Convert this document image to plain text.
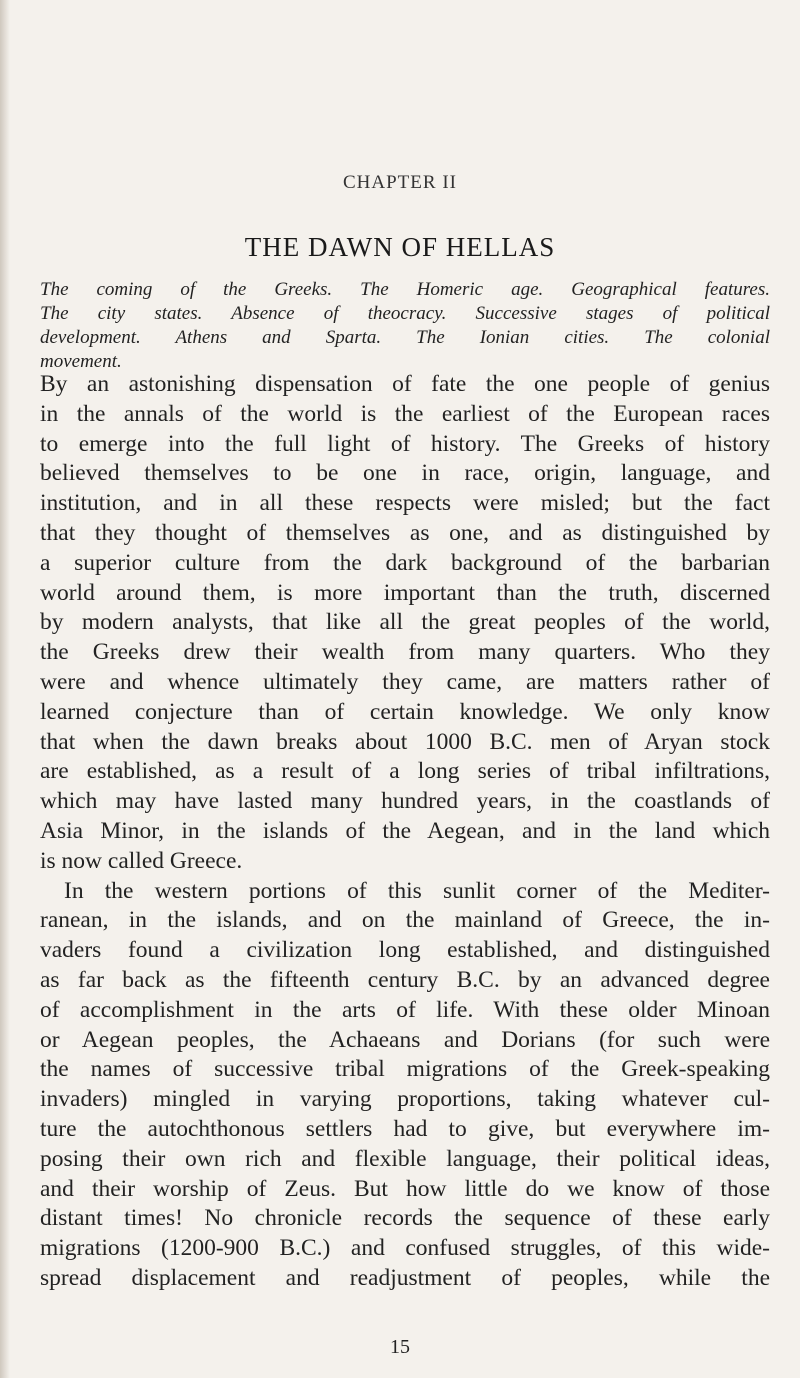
CHAPTER II
THE DAWN OF HELLAS
The coming of the Greeks. The Homeric age. Geographical features.
The city states. Absence of theocracy. Successive stages of political
development. Athens and Sparta. The Ionian cities. The colonial
movement.
By an astonishing dispensation of fate the one people of genius
in the annals of the world is the earliest of the European races
to emerge into the full light of history. The Greeks of history
believed themselves to be one in race, origin, language, and
institution, and in all these respects were misled; but the fact
that they thought of themselves as one, and as distinguished by
a superior culture from the dark background of the barbarian
world around them, is more important than the truth, discerned
by modern analysts, that like all the great peoples of the world,
the Greeks drew their wealth from many quarters. Who they
were and whence ultimately they came, are matters rather of
learned conjecture than of certain knowledge. We only know
that when the dawn breaks about 1000 B.C. men of Aryan stock
are established, as a result of a long series of tribal infiltrations,
which may have lasted many hundred years, in the coastlands of
Asia Minor, in the islands of the Aegean, and in the land which
is now called Greece.
In the western portions of this sunlit corner of the Mediter-
ranean, in the islands, and on the mainland of Greece, the in-
vaders found a civilization long established, and distinguished
as far back as the fifteenth century B.C. by an advanced degree
of accomplishment in the arts of life. With these older Minoan
or Aegean peoples, the Achaeans and Dorians (for such were
the names of successive tribal migrations of the Greek-speaking
invaders) mingled in varying proportions, taking whatever cul-
ture the autochthonous settlers had to give, but everywhere im-
posing their own rich and flexible language, their political ideas,
and their worship of Zeus. But how little do we know of those
distant times! No chronicle records the sequence of these early
migrations (1200-900 B.C.) and confused struggles, of this wide-
spread displacement and readjustment of peoples, while the
15
